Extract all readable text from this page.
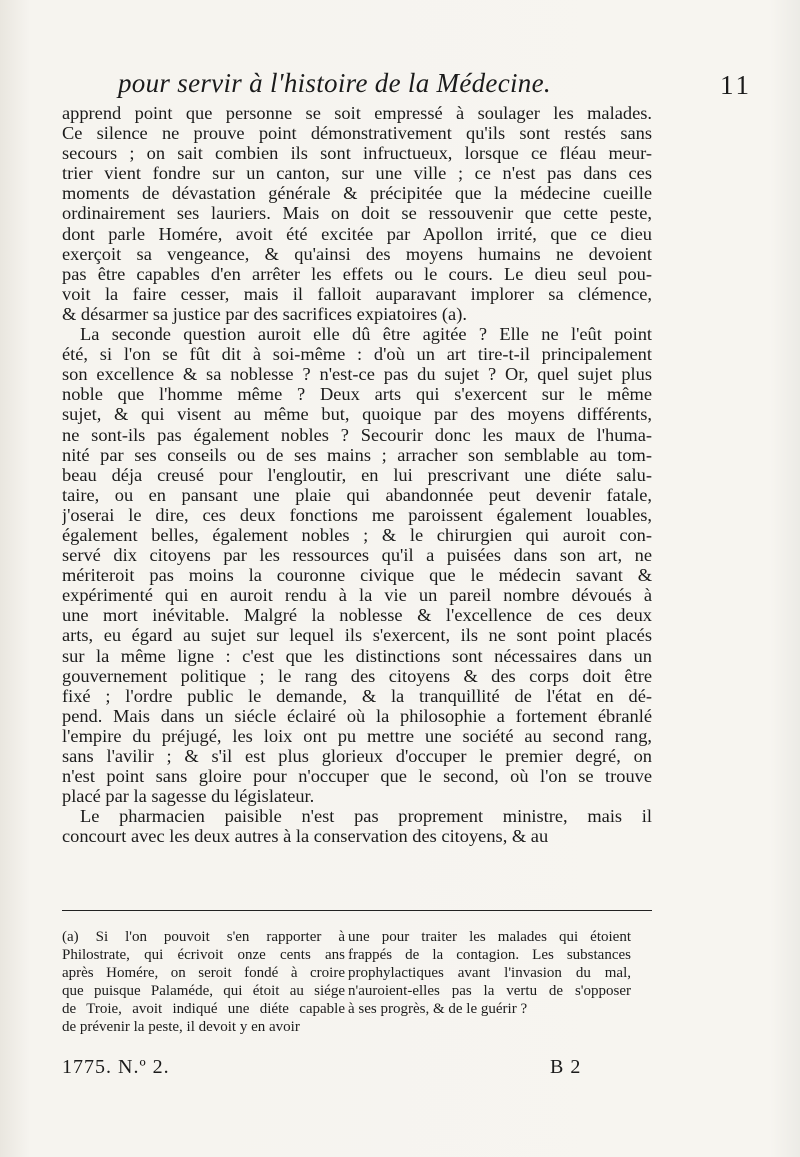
pour servir à l'histoire de la Médecine.	11
apprend point que personne se soit empressé à soulager les malades.
Ce silence ne prouve point démonstrativement qu'ils sont restés sans
secours ; on sait combien ils sont infructueux, lorsque ce fléau meur-
trier vient fondre sur un canton, sur une ville ; ce n'est pas dans ces
moments de dévastation générale & précipitée que la médecine cueille
ordinairement ses lauriers. Mais on doit se ressouvenir que cette peste,
dont parle Homére, avoit été excitée par Apollon irrité, que ce dieu
exerçoit sa vengeance, & qu'ainsi des moyens humains ne devoient
pas être capables d'en arrêter les effets ou le cours. Le dieu seul pou-
voit la faire cesser, mais il falloit auparavant implorer sa clémence,
& désarmer sa justice par des sacrifices expiatoires (a).
La seconde question auroit elle dû être agitée ? Elle ne l'eût point
été, si l'on se fût dit à soi-même : d'où un art tire-t-il principalement
son excellence & sa noblesse ? n'est-ce pas du sujet ? Or, quel sujet plus
noble que l'homme même ? Deux arts qui s'exercent sur le même
sujet, & qui visent au même but, quoique par des moyens différents,
ne sont-ils pas également nobles ? Secourir donc les maux de l'huma-
nité par ses conseils ou de ses mains ; arracher son semblable au tom-
beau déja creusé pour l'engloutir, en lui prescrivant une diéte salu-
taire, ou en pansant une plaie qui abandonnée peut devenir fatale,
j'oserai le dire, ces deux fonctions me paroissent également louables,
également belles, également nobles ; & le chirurgien qui auroit con-
servé dix citoyens par les ressources qu'il a puisées dans son art, ne
mériteroit pas moins la couronne civique que le médecin savant &
expérimenté qui en auroit rendu à la vie un pareil nombre dévoués à
une mort inévitable. Malgré la noblesse & l'excellence de ces deux
arts, eu égard au sujet sur lequel ils s'exercent, ils ne sont point placés
sur la même ligne : c'est que les distinctions sont nécessaires dans un
gouvernement politique ; le rang des citoyens & des corps doit être
fixé ; l'ordre public le demande, & la tranquillité de l'état en dé-
pend. Mais dans un siécle éclairé où la philosophie a fortement ébranlé
l'empire du préjugé, les loix ont pu mettre une société au second rang,
sans l'avilir ; & s'il est plus glorieux d'occuper le premier degré, on
n'est point sans gloire pour n'occuper que le second, où l'on se trouve
placé par la sagesse du législateur.
Le pharmacien paisible n'est pas proprement ministre, mais il
concourt avec les deux autres à la conservation des citoyens, & au
(a) Si l'on pouvoit s'en rapporter à
Philostrate, qui écrivoit onze cents ans
après Homére, on seroit fondé à croire
que puisque Palaméde, qui étoit au siége
de Troie, avoit indiqué une diéte capable
de prévenir la peste, il devoit y en avoir
une pour traiter les malades qui étoient
frappés de la contagion. Les substances
prophylactiques avant l'invasion du mal,
n'auroient-elles pas la vertu de s'opposer
à ses progrès, & de le guérir ?
1775. N.º 2.	B 2
